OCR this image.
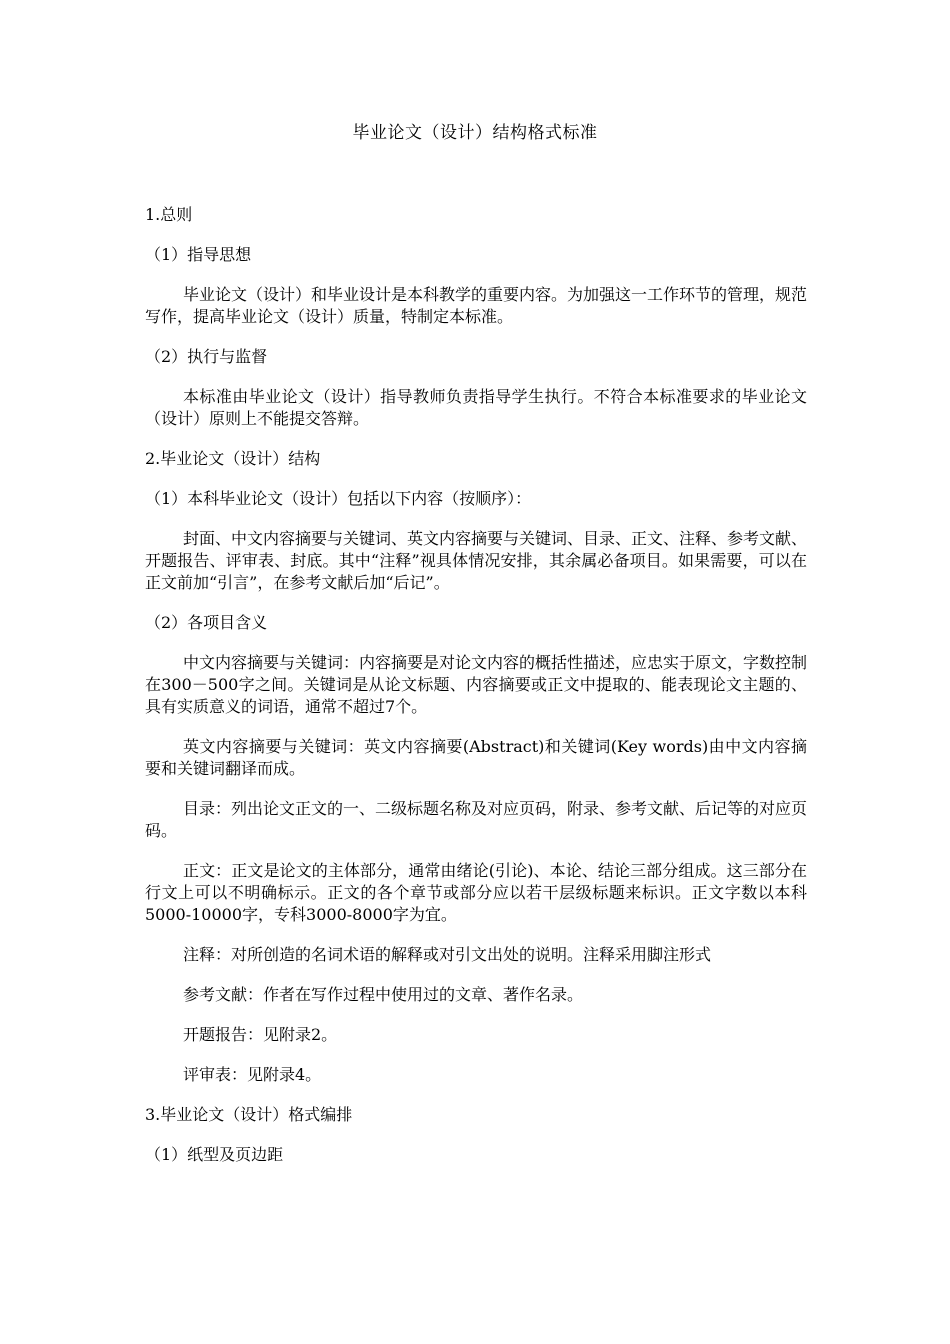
毕业论文（设计）结构格式标准
1.总则
（1）指导思想
毕业论文（设计）和毕业设计是本科教学的重要内容。为加强这一工作环节的管理，规范写作，提高毕业论文（设计）质量，特制定本标准。
（2）执行与监督
本标准由毕业论文（设计）指导教师负责指导学生执行。不符合本标准要求的毕业论文（设计）原则上不能提交答辩。
2.毕业论文（设计）结构
（1）本科毕业论文（设计）包括以下内容（按顺序）：
封面、中文内容摘要与关键词、英文内容摘要与关键词、目录、正文、注释、参考文献、开题报告、评审表、封底。其中“注释”视具体情况安排，其余属必备项目。如果需要，可以在正文前加“引言”，在参考文献后加“后记”。
（2）各项目含义
中文内容摘要与关键词：内容摘要是对论文内容的概括性描述，应忠实于原文，字数控制在300－500字之间。关键词是从论文标题、内容摘要或正文中提取的、能表现论文主题的、具有实质意义的词语，通常不超过7个。
英文内容摘要与关键词：英文内容摘要(Abstract)和关键词(Key words)由中文内容摘要和关键词翻译而成。
目录：列出论文正文的一、二级标题名称及对应页码，附录、参考文献、后记等的对应页码。
正文：正文是论文的主体部分，通常由绪论(引论)、本论、结论三部分组成。这三部分在行文上可以不明确标示。正文的各个章节或部分应以若干层级标题来标识。正文字数以本科5000-10000字，专科3000-8000字为宜。
注释：对所创造的名词术语的解释或对引文出处的说明。注释采用脚注形式
参考文献：作者在写作过程中使用过的文章、著作名录。
开题报告：见附录2。
评审表：见附录4。
3.毕业论文（设计）格式编排
（1）纸型及页边距
